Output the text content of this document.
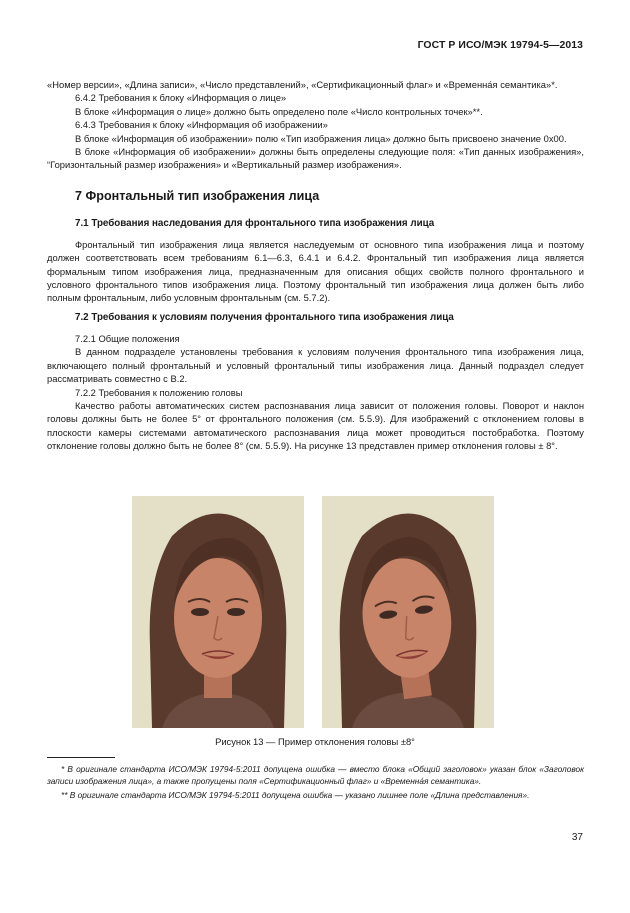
ГОСТ Р ИСО/МЭК 19794-5—2013

«Номер версии», «Длина записи», «Число представлений», «Сертификационный флаг» и «Временна́я семантика»*.

6.4.2 Требования к блоку «Информация о лице»

В блоке «Информация о лице» должно быть определено поле «Число контрольных точек»**.

6.4.3 Требования к блоку «Информация об изображении»

В блоке «Информация об изображении» полю «Тип изображения лица» должно быть присвоено значение 0x00.

В блоке «Информация об изображении» должны быть определены следующие поля: «Тип данных изображения», “Горизонтальный размер изображения» и «Вертикальный размер изображения».

7 Фронтальный тип изображения лица
7.1 Требования наследования для фронтального типа изображения лица

Фронтальный тип изображения лица является наследуемым от основного типа изображения лица и поэтому должен соответствовать всем требованиям 6.1—6.3, 6.4.1 и 6.4.2. Фронтальный тип изображения лица является формальным типом изображения лица, предназначенным для описания общих свойств полного фронтального и условного фронтального типов изображения лица. Поэтому фронтальный тип изображения лица должен быть либо полным фронтальным, либо условным фронтальным (см. 5.7.2).

7.2 Требования к условиям получения фронтального типа изображения лица

7.2.1 Общие положения

В данном подразделе установлены требования к условиям получения фронтального типа изображения лица, включающего полный фронтальный и условный фронтальный типы изображения лица. Данный подраздел следует рассматривать совместно с В.2.

7.2.2 Требования к положению головы

Качество работы автоматических систем распознавания лица зависит от положения головы. Поворот и наклон головы должны быть не более 5° от фронтального положения (см. 5.5.9). Для изображений с отклонением головы в плоскости камеры системами автоматического распознавания лица может проводиться постобработка. Поэтому отклонение головы должно быть не более 8° (см. 5.5.9). На рисунке 13 представлен пример отклонения головы ± 8°.

Рисунок 13 — Пример отклонения головы ±8°

* В оригинале стандарта ИСО/МЭК 19794-5:2011 допущена ошибка — вместо блока «Общий заголовок» указан блок «Заголовок записи изображения лица», а также пропущены поля «Сертификационный флаг» и «Временна́я семантика».

** В оригинале стандарта ИСО/МЭК 19794-5:2011 допущена ошибка — указано лишнее поле «Длина представления».

37
